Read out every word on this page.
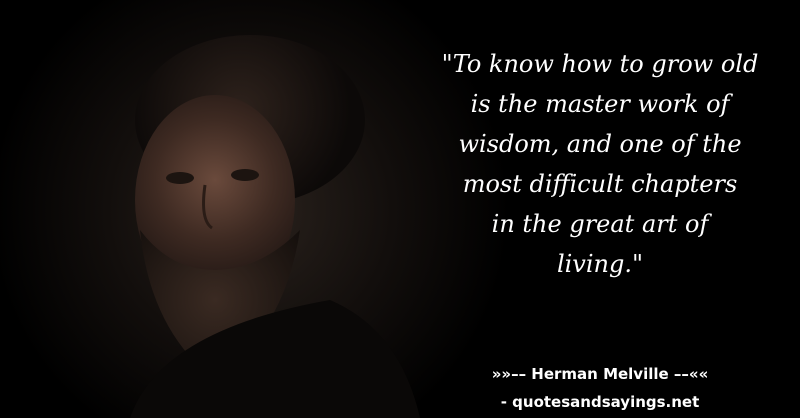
"To know how to grow old
is the master work of
wisdom, and one of the
most difficult chapters
in the great art of
living."

»»–– Herman Melville ––««
- quotesandsayings.net
